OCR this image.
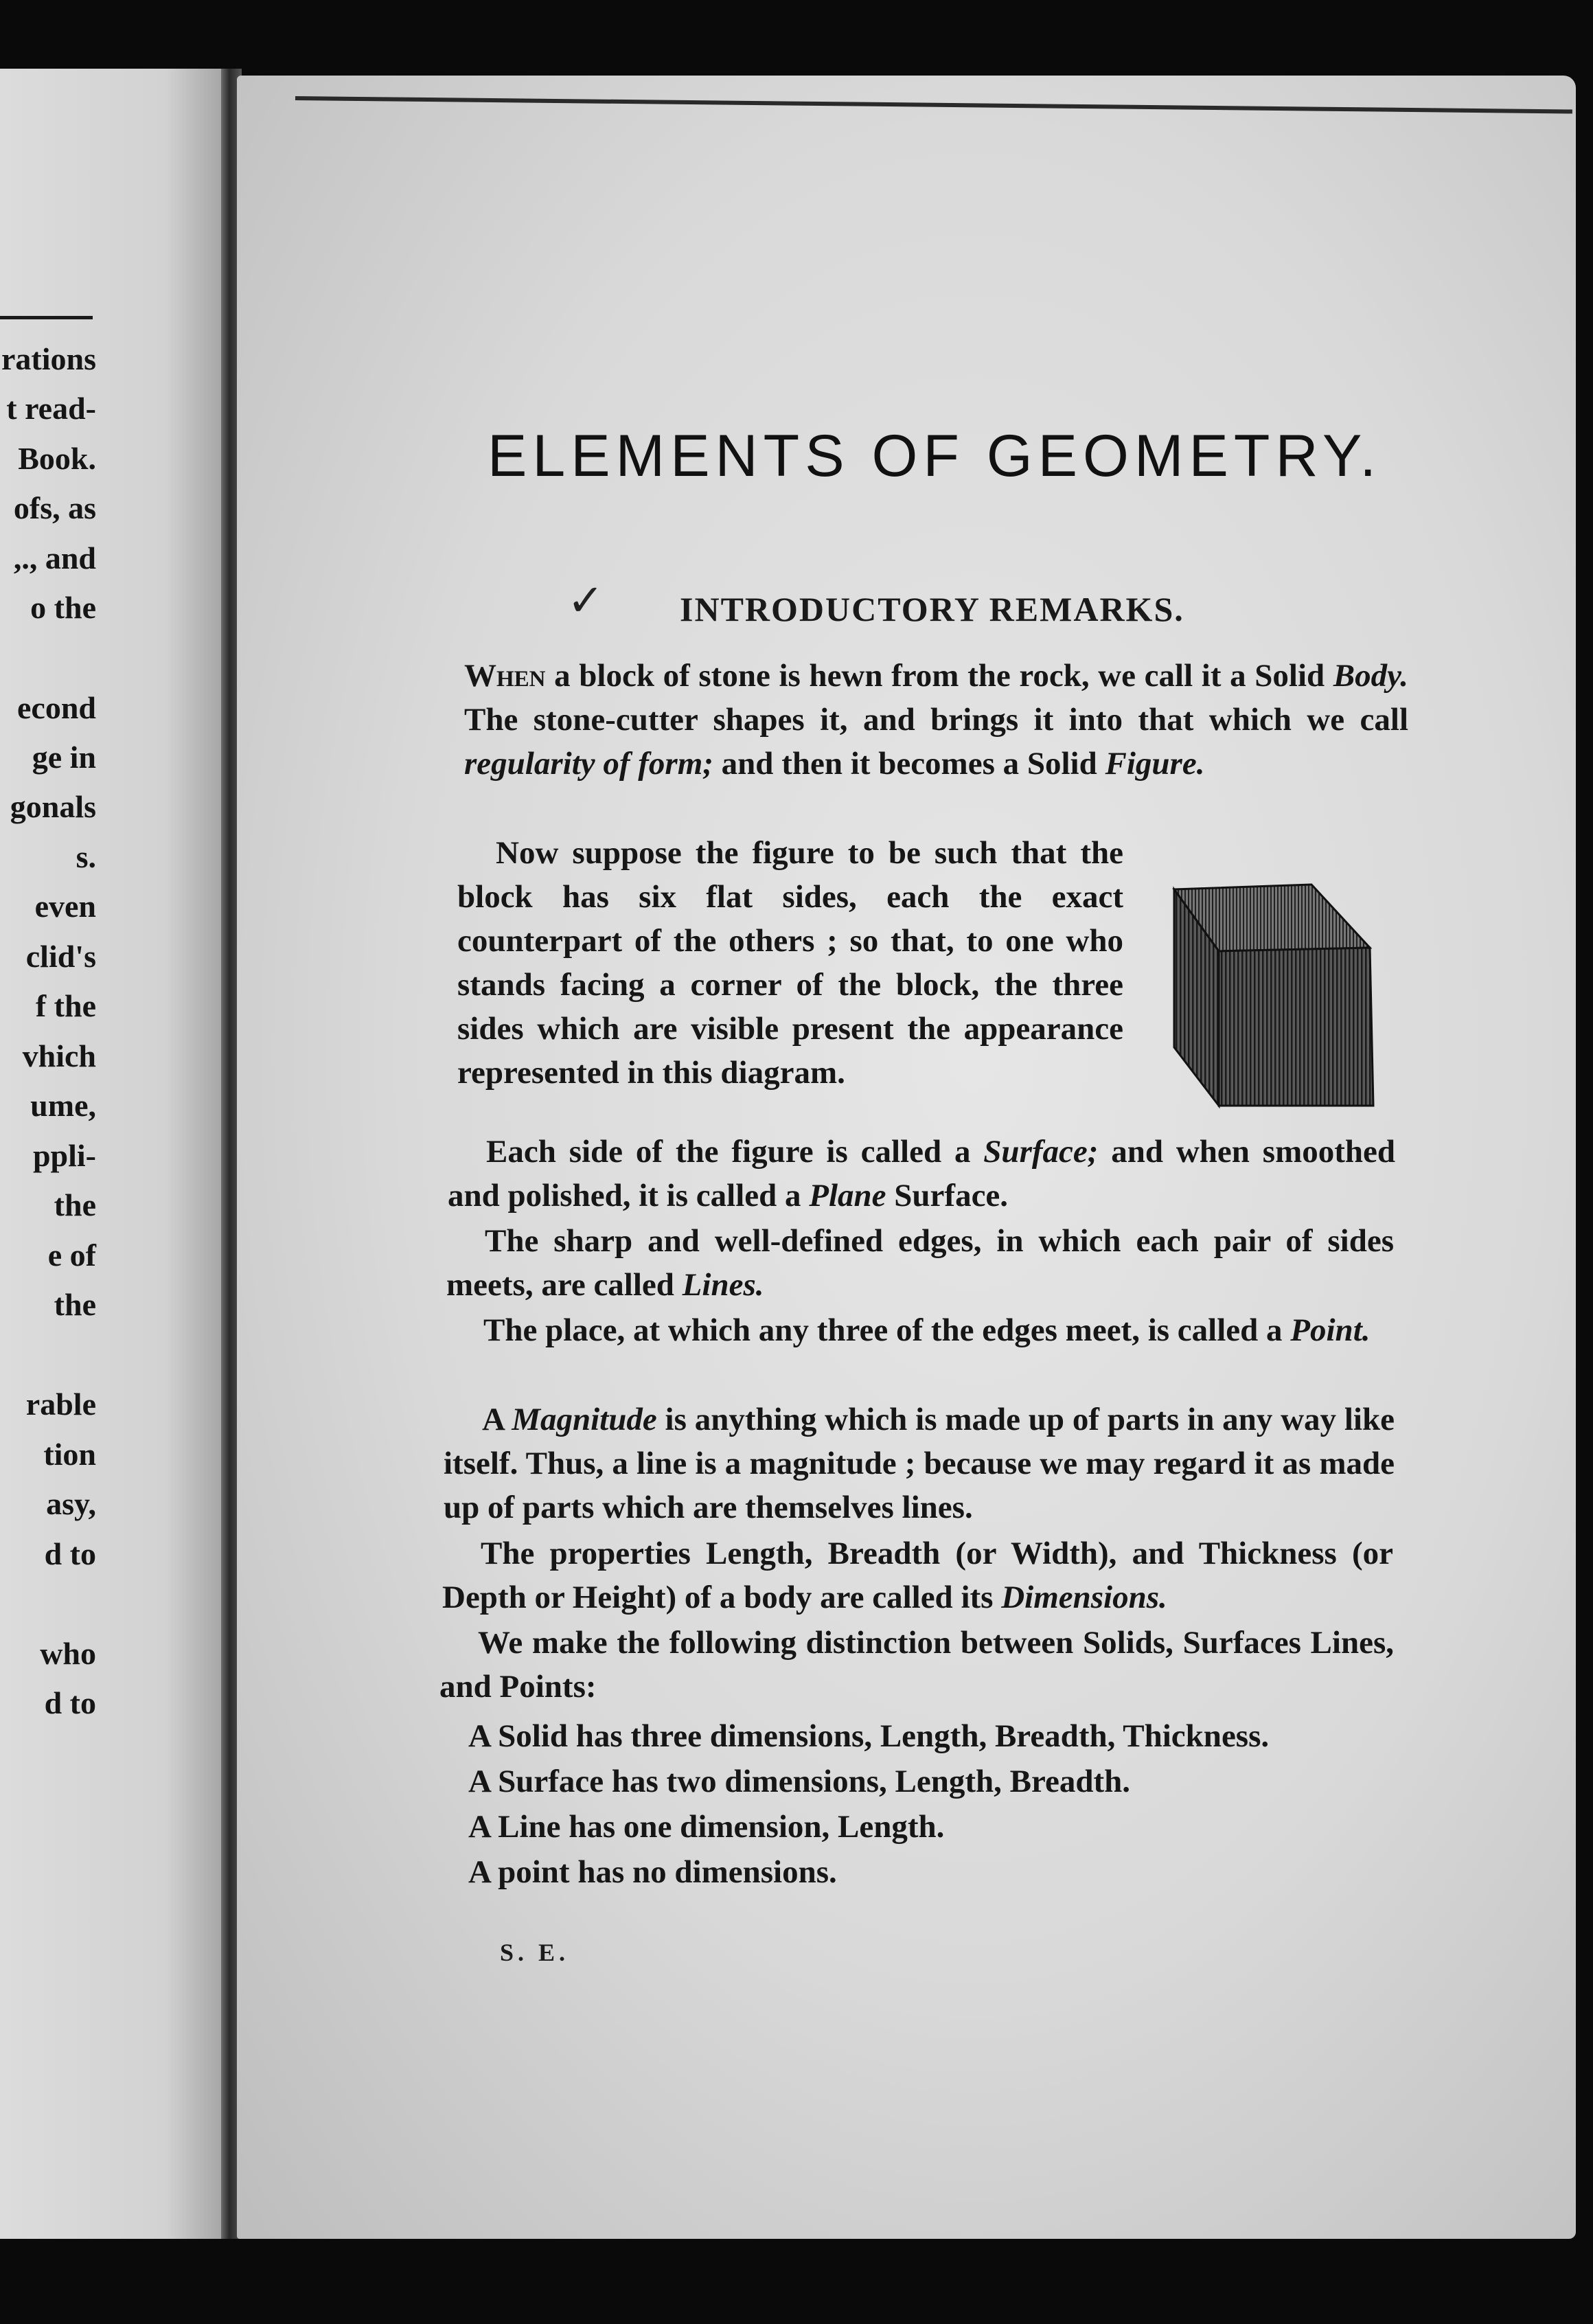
rations
t read-
Book.
ofs, as
,., and
o the
econd
ge in
gonals
s.
even
clid's
f the
vhich
ume,
ppli-
the
e of
the
rable
tion
asy,
d to
who
d to
ELEMENTS OF GEOMETRY.
✓ INTRODUCTORY REMARKS.
When a block of stone is hewn from the rock, we call it a Solid Body. The stone-cutter shapes it, and brings it into that which we call regularity of form; and then it becomes a Solid Figure.
Now suppose the figure to be such that the block has six flat sides, each the exact counterpart of the others ; so that, to one who stands facing a corner of the block, the three sides which are visible present the appearance represented in this diagram.
Each side of the figure is called a Surface; and when smoothed and polished, it is called a Plane Surface.
The sharp and well-defined edges, in which each pair of sides meets, are called Lines.
The place, at which any three of the edges meet, is called a Point.
A Magnitude is anything which is made up of parts in any way like itself. Thus, a line is a magnitude ; because we may regard it as made up of parts which are themselves lines.
The properties Length, Breadth (or Width), and Thickness (or Depth or Height) of a body are called its Dimensions.
We make the following distinction between Solids, Surfaces Lines, and Points:
A Solid has three dimensions, Length, Breadth, Thickness.
A Surface has two dimensions, Length, Breadth.
A Line has one dimension, Length.
A point has no dimensions.
S. E.
